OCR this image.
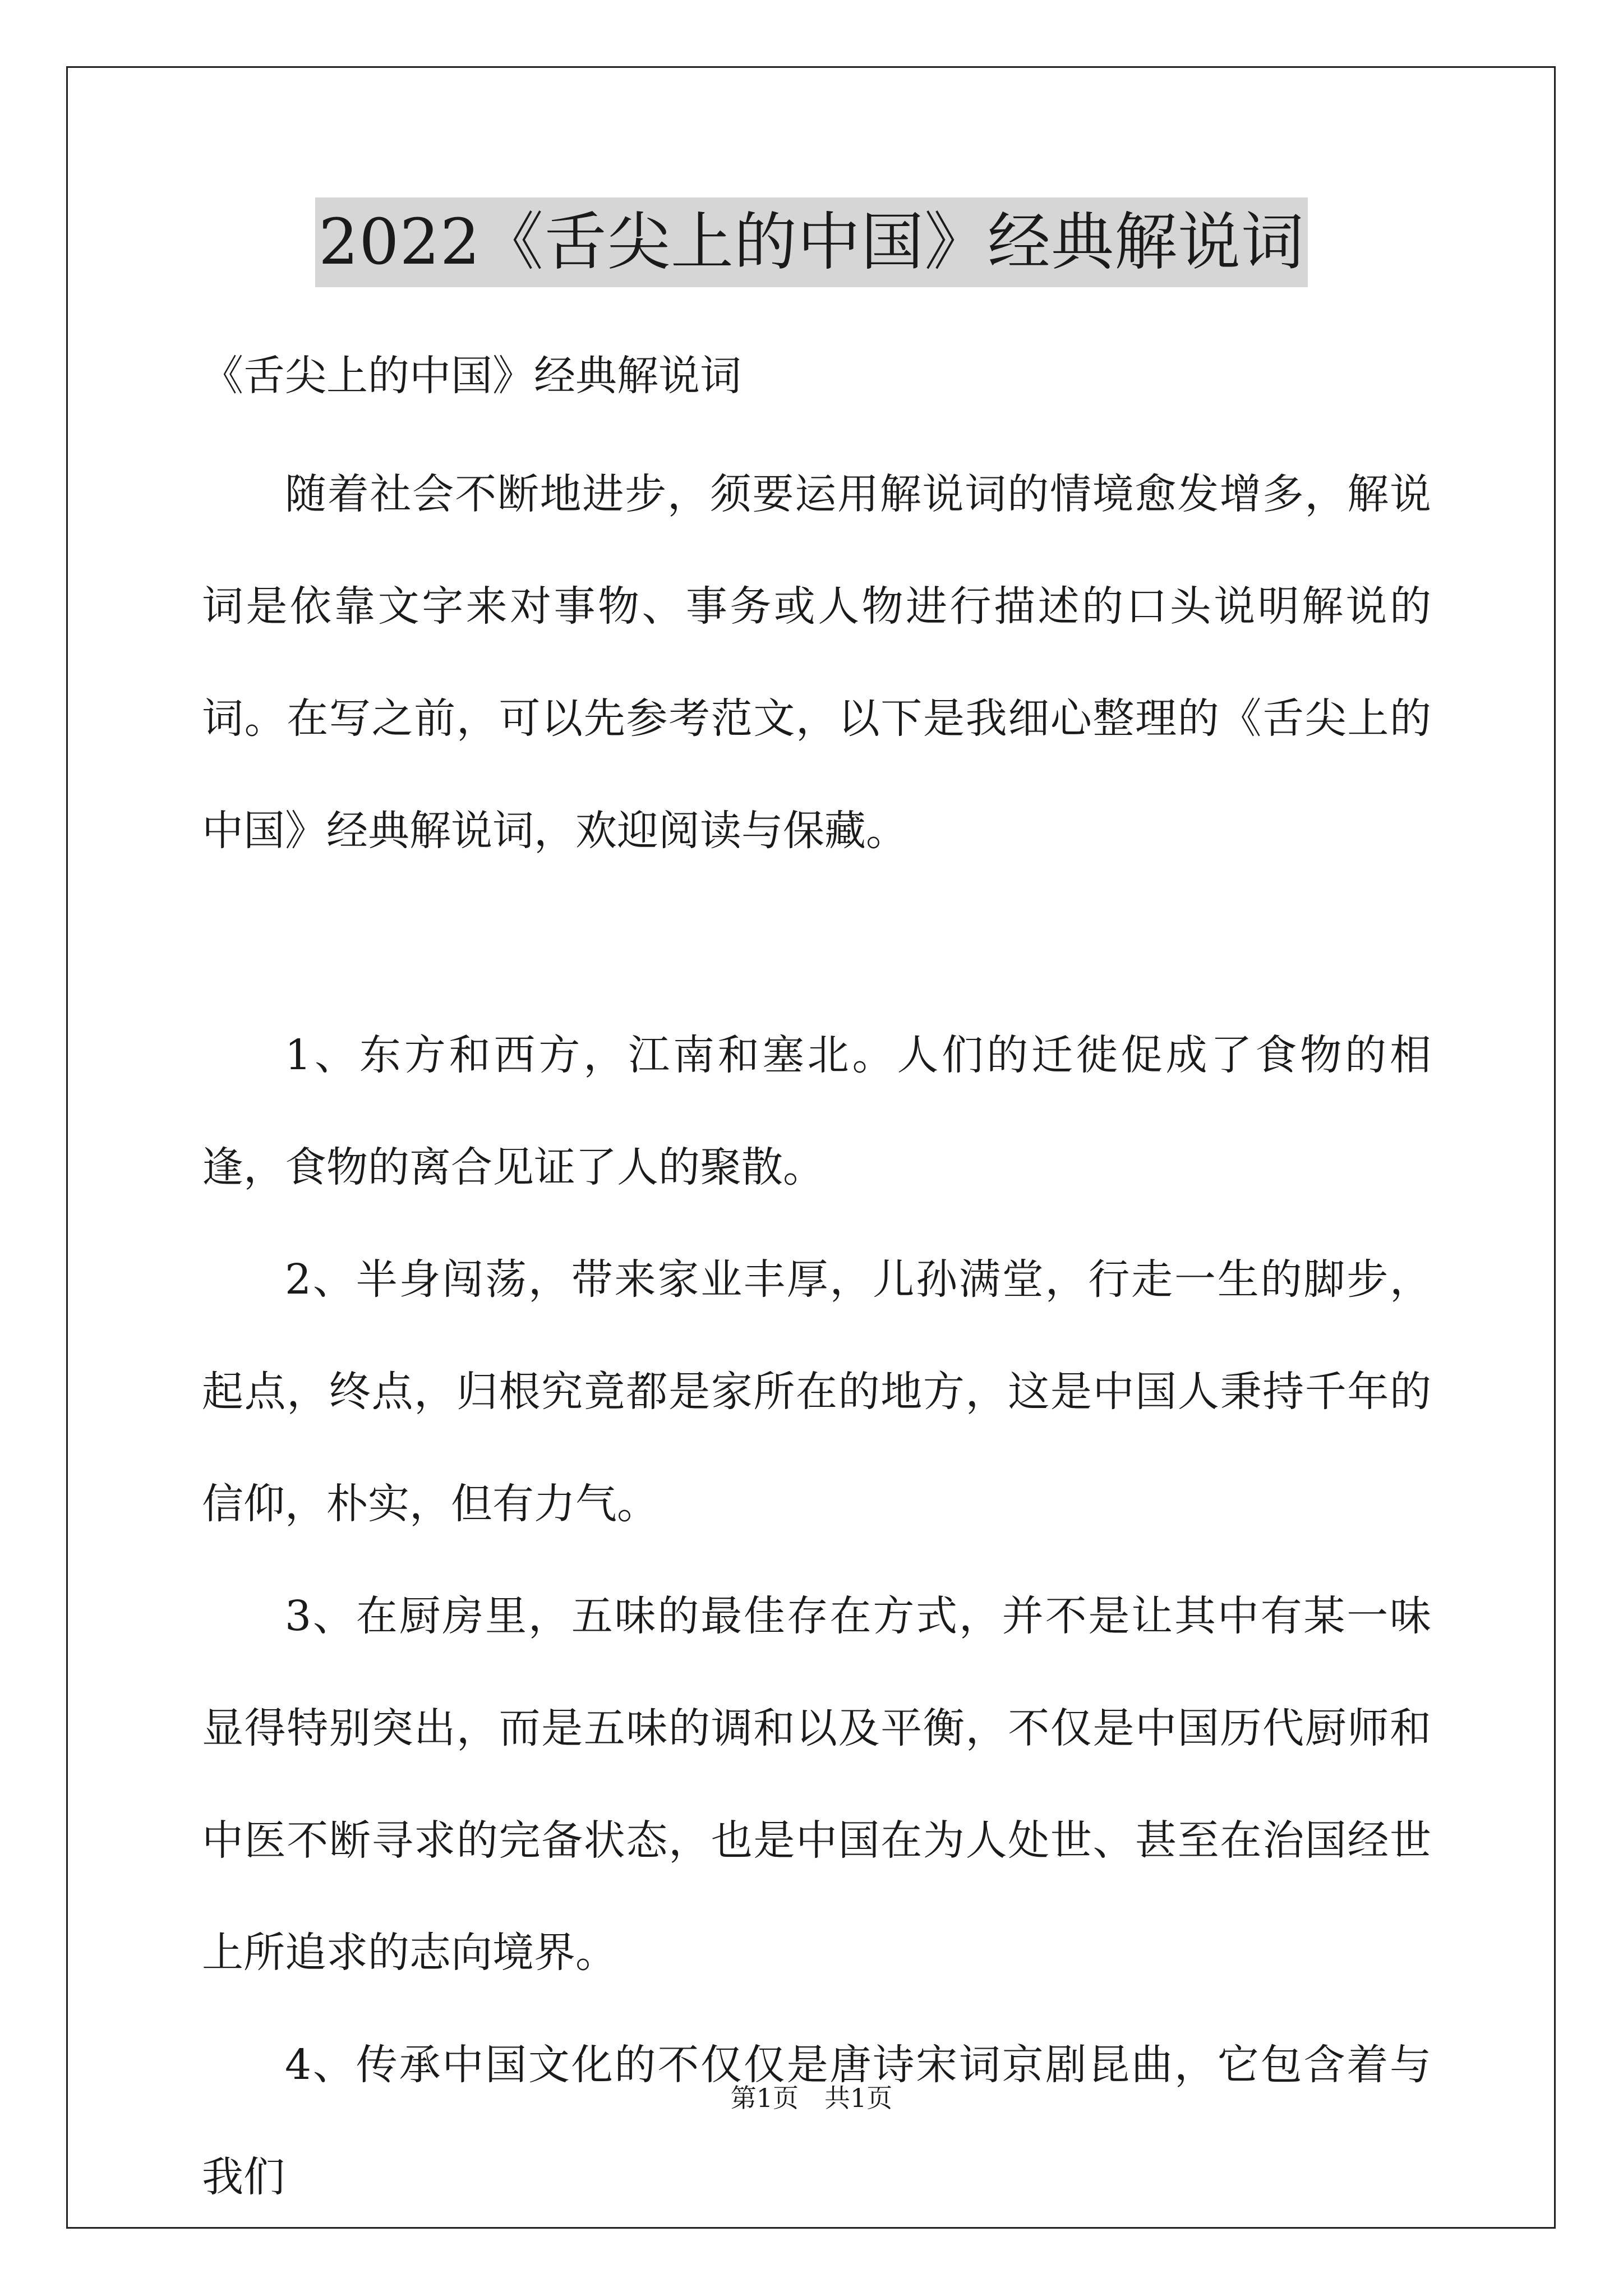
2022《舌尖上的中国》经典解说词
《舌尖上的中国》经典解说词

随着社会不断地进步，须要运用解说词的情境愈发增多，解说词是依靠文字来对事物、事务或人物进行描述的口头说明解说的词。在写之前，可以先参考范文，以下是我细心整理的《舌尖上的中国》经典解说词，欢迎阅读与保藏。

1、东方和西方，江南和塞北。人们的迁徙促成了食物的相逢，食物的离合见证了人的聚散。

2、半身闯荡，带来家业丰厚，儿孙满堂，行走一生的脚步，起点，终点，归根究竟都是家所在的地方，这是中国人秉持千年的信仰，朴实，但有力气。

3、在厨房里，五味的最佳存在方式，并不是让其中有某一味显得特别突出，而是五味的调和以及平衡，不仅是中国历代厨师和中医不断寻求的完备状态，也是中国在为人处世、甚至在治国经世上所追求的志向境界。

4、传承中国文化的不仅仅是唐诗宋词京剧昆曲，它包含着与我们

第1页　共1页
